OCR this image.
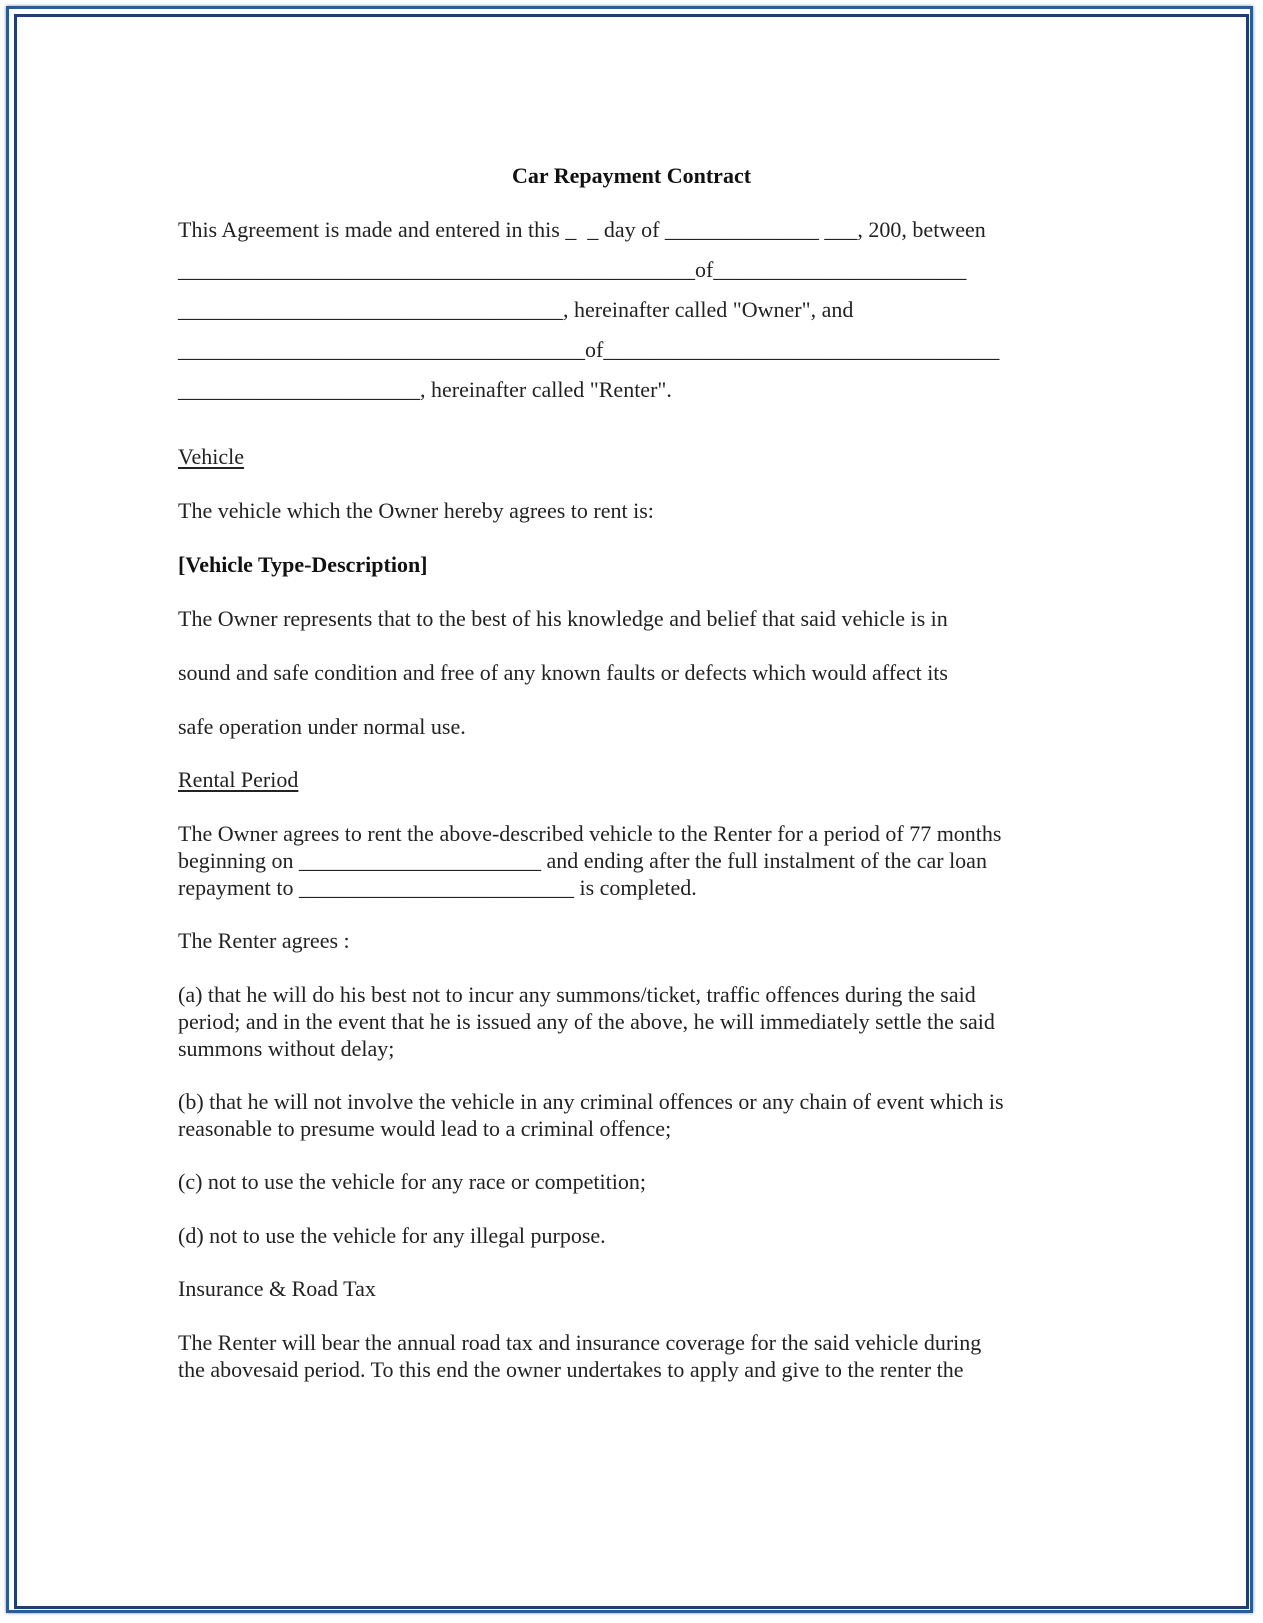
Car Repayment Contract
This Agreement is made and entered in this _  _ day of ______________ ___, 200, between
_______________________________________________of_______________________
___________________________________, hereinafter called "Owner", and
_____________________________________of____________________________________
______________________, hereinafter called "Renter".
Vehicle
The vehicle which the Owner hereby agrees to rent is:
[Vehicle Type-Description]
The Owner represents that to the best of his knowledge and belief that said vehicle is in
sound and safe condition and free of any known faults or defects which would affect its
safe operation under normal use.
Rental Period
The Owner agrees to rent the above-described vehicle to the Renter for a period of 77 months
beginning on ______________________ and ending after the full instalment of the car loan
repayment to _________________________ is completed.
The Renter agrees :
(a) that he will do his best not to incur any summons/ticket, traffic offences during the said
period; and in the event that he is issued any of the above, he will immediately settle the said
summons without delay;
(b) that he will not involve the vehicle in any criminal offences or any chain of event which is
reasonable to presume would lead to a criminal offence;
(c) not to use the vehicle for any race or competition;
(d) not to use the vehicle for any illegal purpose.
Insurance & Road Tax
The Renter will bear the annual road tax and insurance coverage for the said vehicle during
the abovesaid period. To this end the owner undertakes to apply and give to the renter the
